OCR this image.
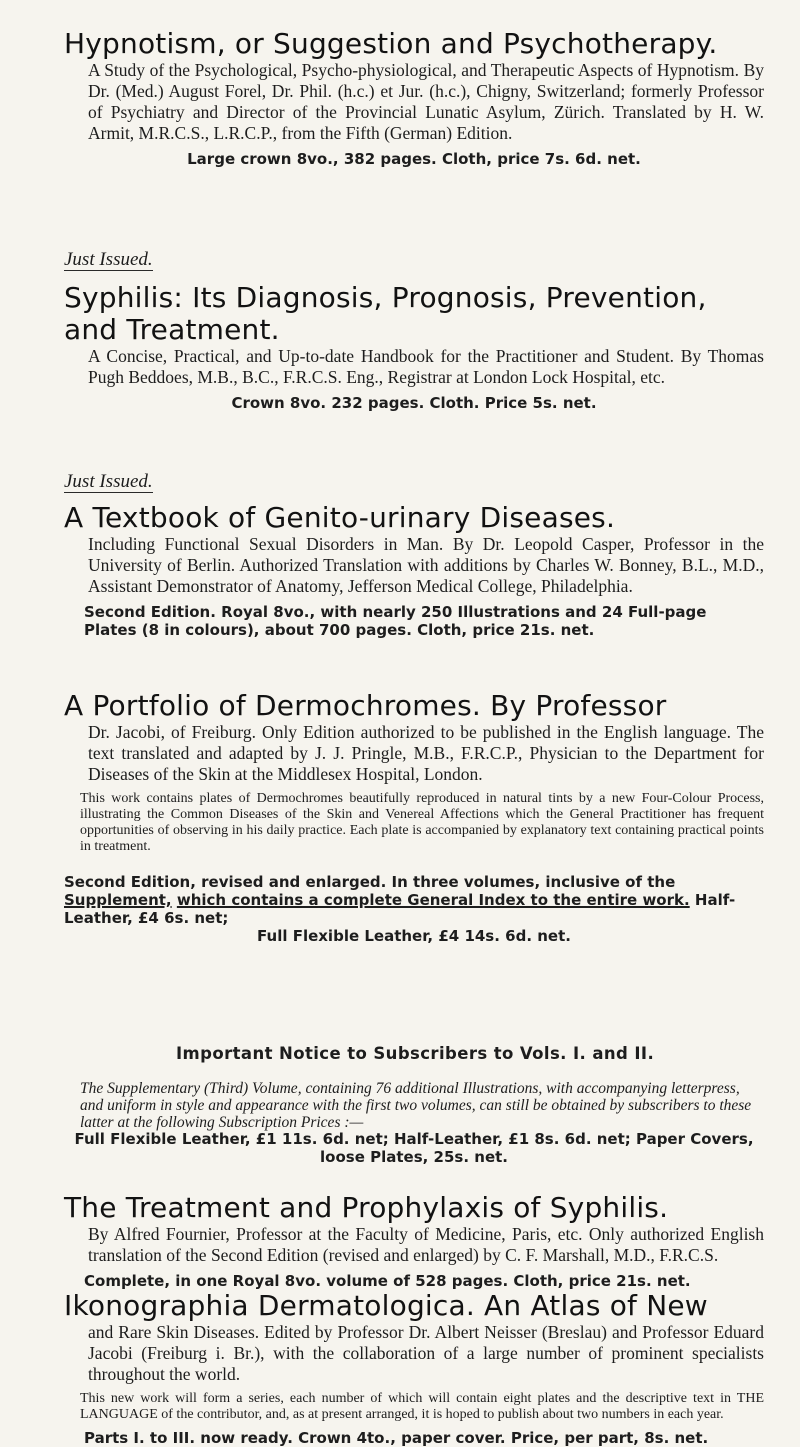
Hypnotism, or Suggestion and Psychotherapy.

A Study of the Psychological, Psycho-physiological, and Therapeutic Aspects of Hypnotism. By Dr. (Med.) August Forel, Dr. Phil. (h.c.) et Jur. (h.c.), Chigny, Switzerland; formerly Professor of Psychiatry and Director of the Provincial Lunatic Asylum, Zürich. Translated by H. W. Armit, M.R.C.S., L.R.C.P., from the Fifth (German) Edition.

Large crown 8vo., 382 pages. Cloth, price 7s. 6d. net.

Just Issued.
Syphilis: Its Diagnosis, Prognosis, Prevention, and Treatment.

A Concise, Practical, and Up-to-date Handbook for the Practitioner and Student. By Thomas Pugh Beddoes, M.B., B.C., F.R.C.S. Eng., Registrar at London Lock Hospital, etc.

Crown 8vo. 232 pages. Cloth. Price 5s. net.

Just Issued.
A Textbook of Genito-urinary Diseases.

Including Functional Sexual Disorders in Man. By Dr. Leopold Casper, Professor in the University of Berlin. Authorized Translation with additions by Charles W. Bonney, B.L., M.D., Assistant Demonstrator of Anatomy, Jefferson Medical College, Philadelphia.

Second Edition. Royal 8vo., with nearly 250 Illustrations and 24 Full-page Plates (8 in colours), about 700 pages. Cloth, price 21s. net.

A Portfolio of Dermochromes. By Professor

Dr. Jacobi, of Freiburg. Only Edition authorized to be published in the English language. The text translated and adapted by J. J. Pringle, M.B., F.R.C.P., Physician to the Department for Diseases of the Skin at the Middlesex Hospital, London.

This work contains plates of Dermochromes beautifully reproduced in natural tints by a new Four-Colour Process, illustrating the Common Diseases of the Skin and Venereal Affections which the General Practitioner has frequent opportunities of observing in his daily practice. Each plate is accompanied by explanatory text containing practical points in treatment.

Second Edition, revised and enlarged. In three volumes, inclusive of the Supplement, which contains a complete General Index to the entire work. Half-Leather, £4 6s. net;

Full Flexible Leather, £4 14s. 6d. net.

Important Notice to Subscribers to Vols. I. and II.

The Supplementary (Third) Volume, containing 76 additional Illustrations, with accompanying letterpress, and uniform in style and appearance with the first two volumes, can still be obtained by subscribers to these latter at the following Subscription Prices :—

Full Flexible Leather, £1 11s. 6d. net; Half-Leather, £1 8s. 6d. net; Paper Covers, loose Plates, 25s. net.

The Treatment and Prophylaxis of Syphilis.

By Alfred Fournier, Professor at the Faculty of Medicine, Paris, etc. Only authorized English translation of the Second Edition (revised and enlarged) by C. F. Marshall, M.D., F.R.C.S.

Complete, in one Royal 8vo. volume of 528 pages. Cloth, price 21s. net.

Ikonographia Dermatologica. An Atlas of New

and Rare Skin Diseases. Edited by Professor Dr. Albert Neisser (Breslau) and Professor Eduard Jacobi (Freiburg i. Br.), with the collaboration of a large number of prominent specialists throughout the world.

This new work will form a series, each number of which will contain eight plates and the descriptive text in THE LANGUAGE of the contributor, and, as at present arranged, it is hoped to publish about two numbers in each year.

Parts I. to III. now ready. Crown 4to., paper cover. Price, per part, 8s. net.
